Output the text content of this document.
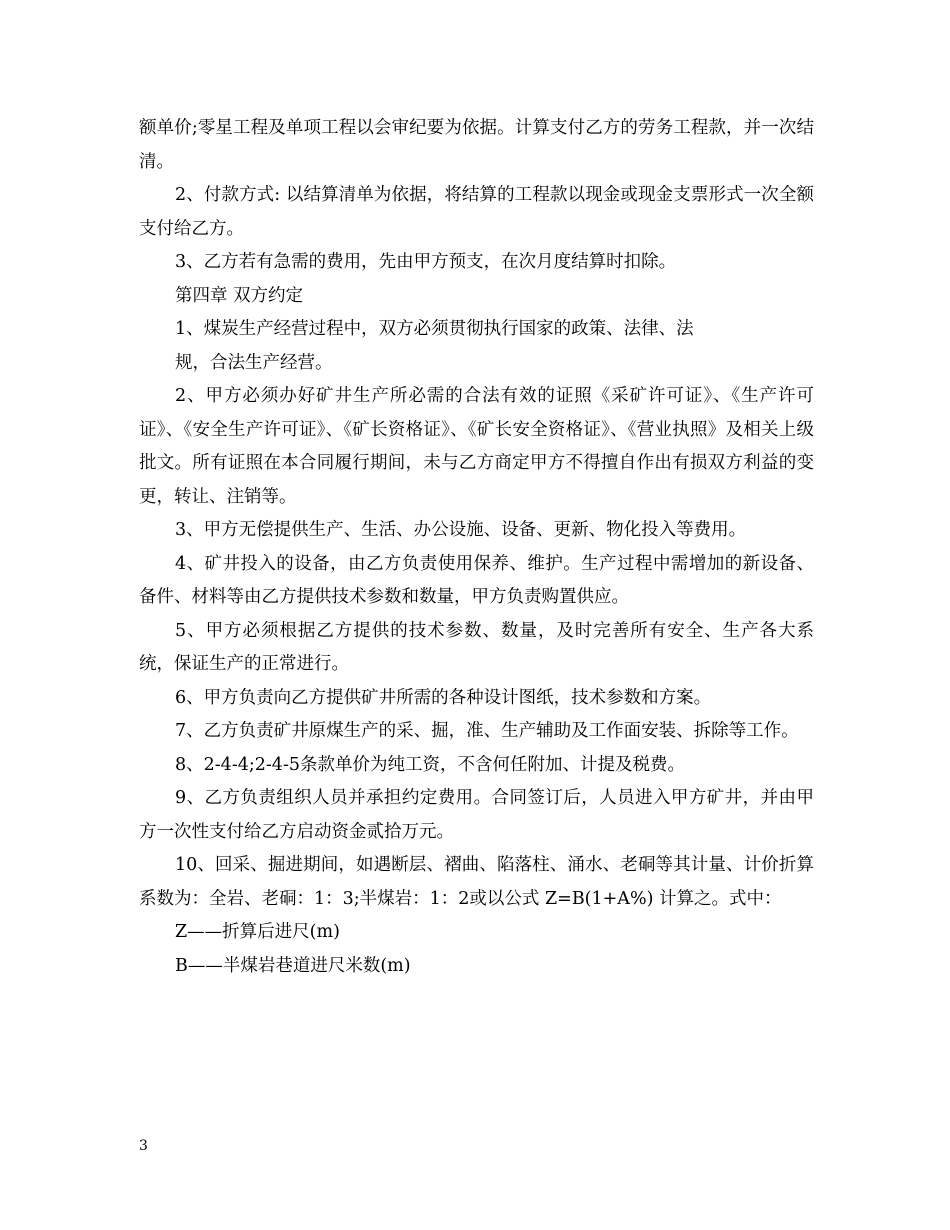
额单价;零星工程及单项工程以会审纪要为依据。计算支付乙方的劳务工程款，并一次结清。

2、付款方式: 以结算清单为依据，将结算的工程款以现金或现金支票形式一次全额支付给乙方。

3、乙方若有急需的费用，先由甲方预支，在次月度结算时扣除。

第四章 双方约定

1、煤炭生产经营过程中，双方必须贯彻执行国家的政策、法律、法

规，合法生产经营。

2、甲方必须办好矿井生产所必需的合法有效的证照《采矿许可证》、《生产许可证》、《安全生产许可证》、《矿长资格证》、《矿长安全资格证》、《营业执照》及相关上级批文。所有证照在本合同履行期间，未与乙方商定甲方不得擅自作出有损双方利益的变更，转让、注销等。

3、甲方无偿提供生产、生活、办公设施、设备、更新、物化投入等费用。

4、矿井投入的设备，由乙方负责使用保养、维护。生产过程中需增加的新设备、备件、材料等由乙方提供技术参数和数量，甲方负责购置供应。

5、甲方必须根据乙方提供的技术参数、数量，及时完善所有安全、生产各大系统，保证生产的正常进行。

6、甲方负责向乙方提供矿井所需的各种设计图纸，技术参数和方案。

7、乙方负责矿井原煤生产的采、掘，准、生产辅助及工作面安装、拆除等工作。

8、2-4-4;2-4-5条款单价为纯工资，不含何任附加、计提及税费。

9、乙方负责组织人员并承担约定费用。合同签订后，人员进入甲方矿井，并由甲方一次性支付给乙方启动资金贰拾万元。

10、回采、掘进期间，如遇断层、褶曲、陷落柱、涌水、老硐等其计量、计价折算系数为：全岩、老硐：1：3;半煤岩：1：2或以公式 Z=B(1+A%) 计算之。式中：

Z——折算后进尺(m)

B——半煤岩巷道进尺米数(m)

3
